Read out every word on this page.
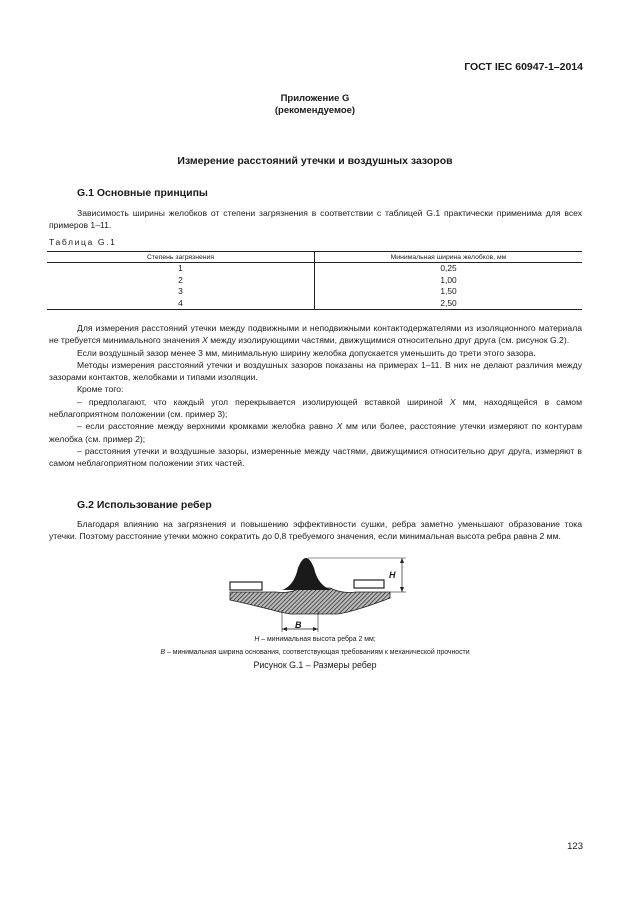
ГОСТ IEC 60947-1–2014
Приложение G
(рекомендуемое)
Измерение расстояний утечки и воздушных зазоров
G.1 Основные принципы

Зависимость ширины желобков от степени загрязнения в соответствии с таблицей G.1 практически применима для всех примеров 1–11.

Таблица G.1
Степень загрязнения	Минимальная ширина желобков, мм
1	0,25
2	1,00
3	1,50
4	2,50

Для измерения расстояний утечки между подвижными и неподвижными контактодержателями из изоляционного материала не требуется минимального значения X между изолирующими частями, движущимися относительно друг друга (см. рисунок G.2).

Если воздушный зазор менее 3 мм, минимальную ширину желобка допускается уменьшить до трети этого зазора.

Методы измерения расстояний утечки и воздушных зазоров показаны на примерах 1–11. В них не делают различия между зазорами контактов, желобками и типами изоляции.

Кроме того:

– предполагают, что каждый угол перекрывается изолирующей вставкой шириной X мм, находящейся в самом неблагоприятном положении (см. пример 3);

– если расстояние между верхними кромками желобка равно X мм или более, расстояние утечки измеряют по контурам желобка (см. пример 2);

– расстояния утечки и воздушные зазоры, измеренные между частями, движущимися относительно друг друга, измеряют в самом неблагоприятном положении этих частей.

G.2 Использование ребер

Благодаря влиянию на загрязнения и повышению эффективности сушки, ребра заметно уменьшают образование тока утечки. Поэтому расстояние утечки можно сократить до 0,8 требуемого значения, если минимальная высота ребра равна 2 мм.

H
B
H – минимальная высота ребра 2 мм;
B – минимальная ширина основания, соответствующая требованиям к механической прочности
Рисунок G.1 – Размеры ребер
123
